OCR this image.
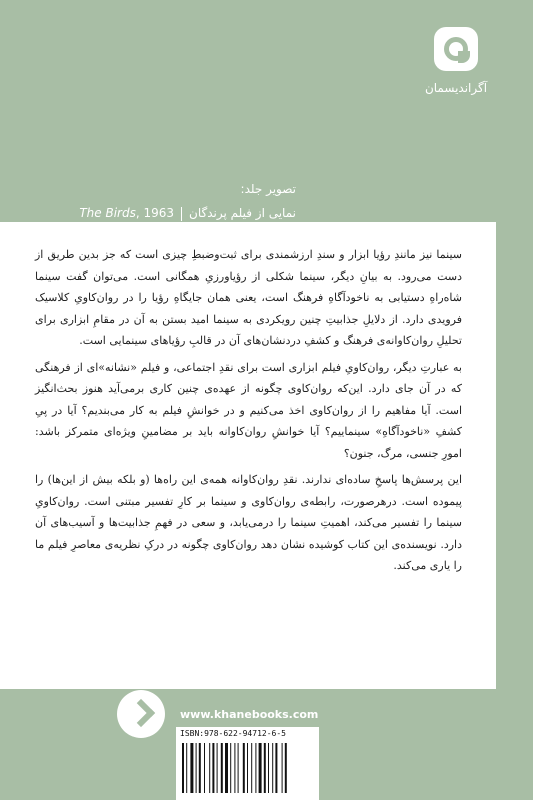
آگراندیسمان
تصویر جلد:
نمایی از فیلم پرندگانThe Birds, 1963

سینما نیز مانندِ رؤیا ابزار و سندِ ارزشمندی برای ثبت‌وضبطِ چیزی است که جز بدین طریق از دست می‌رود. به بیانِ دیگر، سینما شکلی از رؤیاورزیِ همگانی است. می‌توان گفت سینما شاه‌راهِ دستیابی به ناخودآگاهِ فرهنگ است، یعنی همان جایگاهِ رؤیا را در روان‌کاویِ کلاسیک فرویدی دارد. از دلایلِ جذابیتِ چنین رویکردی به سینما امید بستن به آن در مقامِ ابزاری برای تحلیلِ روان‌کاوانه‌ی فرهنگ و کشفِ دردنشان‌های آن در قالبِ رؤیاهای سینمایی است.

به عبارتِ دیگر، روان‌کاویِ فیلم ابزاری است برای نقدِ اجتماعی، و فیلم «نشانه»‌ای از فرهنگی که در آن جای دارد. این‌که روان‌کاوی چگونه از عهده‌ی چنین کاری برمی‌آید هنوز بحث‌انگیز است. آیا مفاهیم را از روان‌کاوی اخذ می‌کنیم و در خوانشِ فیلم به کار می‌بندیم؟ آیا در پیِ کشفِ «ناخودآگاهِ» سینماییم؟ آیا خوانشِ روان‌کاوانه باید بر مضامینِ ویژه‌ای متمرکز باشد: امورِ جنسی، مرگ، جنون؟

این پرسش‌ها پاسخِ ساده‌ای ندارند. نقدِ روان‌کاوانه همه‌ی این راه‌ها (و بلکه بیش از این‌ها) را پیموده است. درهرصورت، رابطه‌ی روان‌کاوی و سینما بر کارِ تفسیر مبتنی است. روان‌کاویِ سینما را تفسیر می‌کند، اهمیتِ سینما را درمی‌یابد، و سعی در فهمِ جذابیت‌ها و آسیب‌های آن دارد. نویسنده‌ی این کتاب کوشیده نشان دهد روان‌کاوی چگونه در درکِ نظریه‌ی معاصرِ فیلم ما را یاری می‌کند.

www.khanebooks.com
ISBN:978-622-94712-6-5
